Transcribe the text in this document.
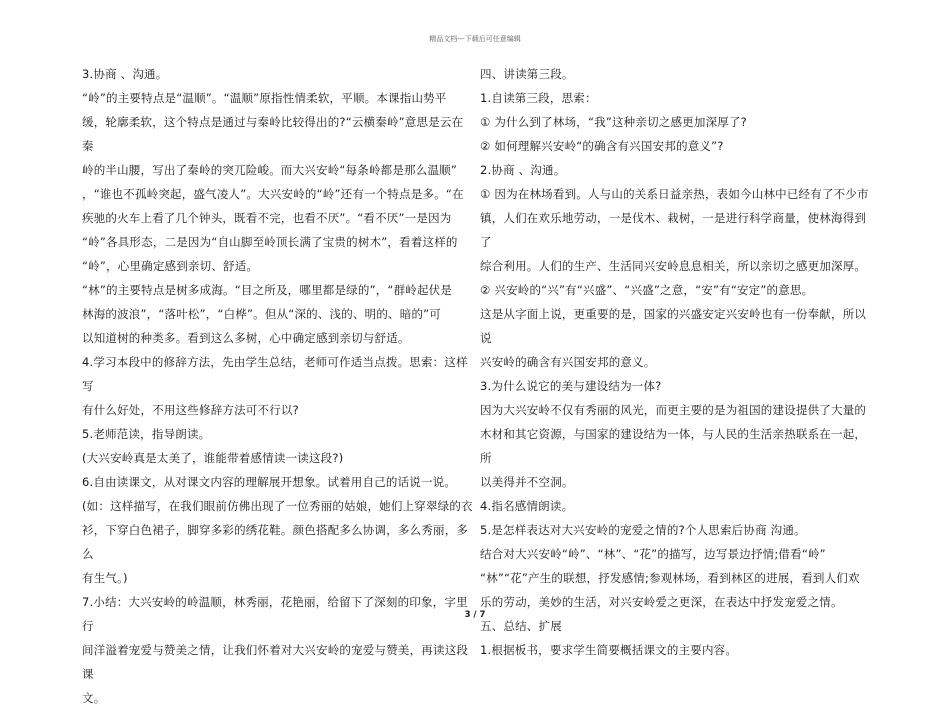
精品文档---下载后可任意编辑

3.协商 、沟通。

“岭”的主要特点是“温顺”。“温顺”原指性情柔软，平顺。本课指山势平

缓，轮廓柔软，这个特点是通过与秦岭比较得出的?“云横秦岭”意思是云在秦

岭的半山腰，写出了秦岭的突兀险峻。而大兴安岭“每条岭都是那么温顺”

，“谁也不孤岭突起，盛气凌人”。大兴安岭的“岭”还有一个特点是多。“在

疾驰的火车上看了几个钟头，既看不完，也看不厌”。“看不厌”一是因为

“岭”各具形态，二是因为“自山脚至岭顶长满了宝贵的树木”，看着这样的

“岭”，心里确定感到亲切、舒适。

“林”的主要特点是树多成海。“目之所及，哪里都是绿的”，“群岭起伏是

林海的波浪”，“落叶松”，“白桦”。但从“深的、浅的、明的、暗的”可

以知道树的种类多。看到这么多树，心中确定感到亲切与舒适。

4.学习本段中的修辞方法，先由学生总结，老师可作适当点拨。思索：这样写

有什么好处，不用这些修辞方法可不行以?

5.老师范读，指导朗读。

(大兴安岭真是太美了，谁能带着感情读一读这段?)

6.自由读课文，从对课文内容的理解展开想象。试着用自己的话说一说。

(如：这样描写，在我们眼前仿佛出现了一位秀丽的姑娘，她们上穿翠绿的衣

衫，下穿白色裙子，脚穿多彩的绣花鞋。颜色搭配多么协调，多么秀丽，多么

有生气。)

7.小结：大兴安岭的岭温顺，林秀丽，花艳丽，给留下了深刻的印象，字里行

间洋溢着宠爱与赞美之情，让我们怀着对大兴安岭的宠爱与赞美，再读这段课

文。

四、讲读第三段。

1.自读第三段，思索：

① 为什么到了林场，“我”这种亲切之感更加深厚了?

② 如何理解兴安岭“的确含有兴国安邦的意义”?

2.协商 、沟通。

① 因为在林场看到。人与山的关系日益亲热，表如今山林中已经有了不少市

镇，人们在欢乐地劳动，一是伐木、栽树，一是进行科学商量，使林海得到了

综合利用。人们的生产、生活同兴安岭息息相关，所以亲切之感更加深厚。

② 兴安岭的“兴”有“兴盛”、“兴盛”之意，“安”有“安定”的意思。

这是从字面上说，更重要的是，国家的兴盛安定兴安岭也有一份奉献，所以说

兴安岭的确含有兴国安邦的意义。

3.为什么说它的美与建设结为一体?

因为大兴安岭不仅有秀丽的风光，而更主要的是为祖国的建设提供了大量的

木材和其它资源，与国家的建设结为一体，与人民的生活亲热联系在一起，所

以美得并不空洞。

4.指名感情朗读。

5.是怎样表达对大兴安岭的宠爱之情的?个人思索后协商 沟通。

结合对大兴安岭“岭”、“林”、“花”的描写，边写景边抒情;借看“岭”

“林”“花”产生的联想，抒发感情;参观林场，看到林区的进展，看到人们欢

乐的劳动，美妙的生活，对兴安岭爱之更深，在表达中抒发宠爱之情。

五、总结、扩展

1.根据板书，要求学生简要概括课文的主要内容。

3 / 7
